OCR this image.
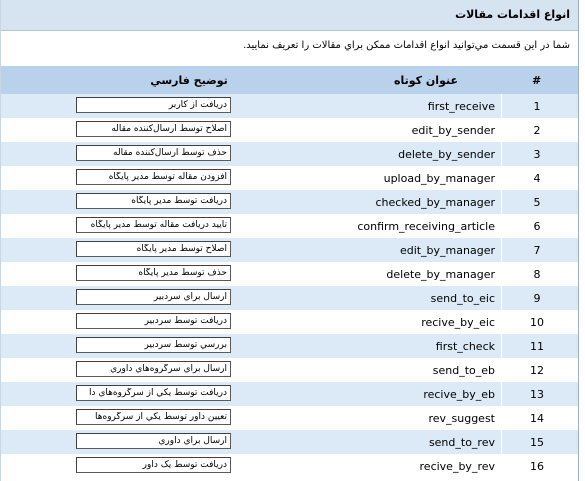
انواع اقدامات مقالات
شما در اين قسمت مي‌توانيد انواع اقدامات ممکن براي مقالات را تعريف نماييد.
#
عنوان کوتاه
توضيح فارسي
1
first_receive
دريافت از کاربر
2
edit_by_sender
اصلاح توسط ارسال‌کننده مقاله
3
delete_by_sender
حذف توسط ارسال‌کننده مقاله
4
upload_by_manager
افزودن مقاله توسط مدير پايگاه
5
checked_by_manager
دريافت توسط مدير پايگاه
6
confirm_receiving_article
تاييد دريافت مقاله توسط مدير پايگاه
7
edit_by_manager
اصلاح توسط مدير پايگاه
8
delete_by_manager
حذف توسط مدير پايگاه
9
send_to_eic
ارسال براي سردبير
10
recive_by_eic
دريافت توسط سردبير
11
first_check
بررسي توسط سردبير
12
send_to_eb
ارسال براي سرگروه‌هاي داوري
13
recive_by_eb
دريافت توسط يکي از سرگروه‌هاي دا
14
rev_suggest
تعيين داور توسط يکي از سرگروه‌ها
15
send_to_rev
ارسال براي داوري
16
recive_by_rev
دريافت توسط يک داور
